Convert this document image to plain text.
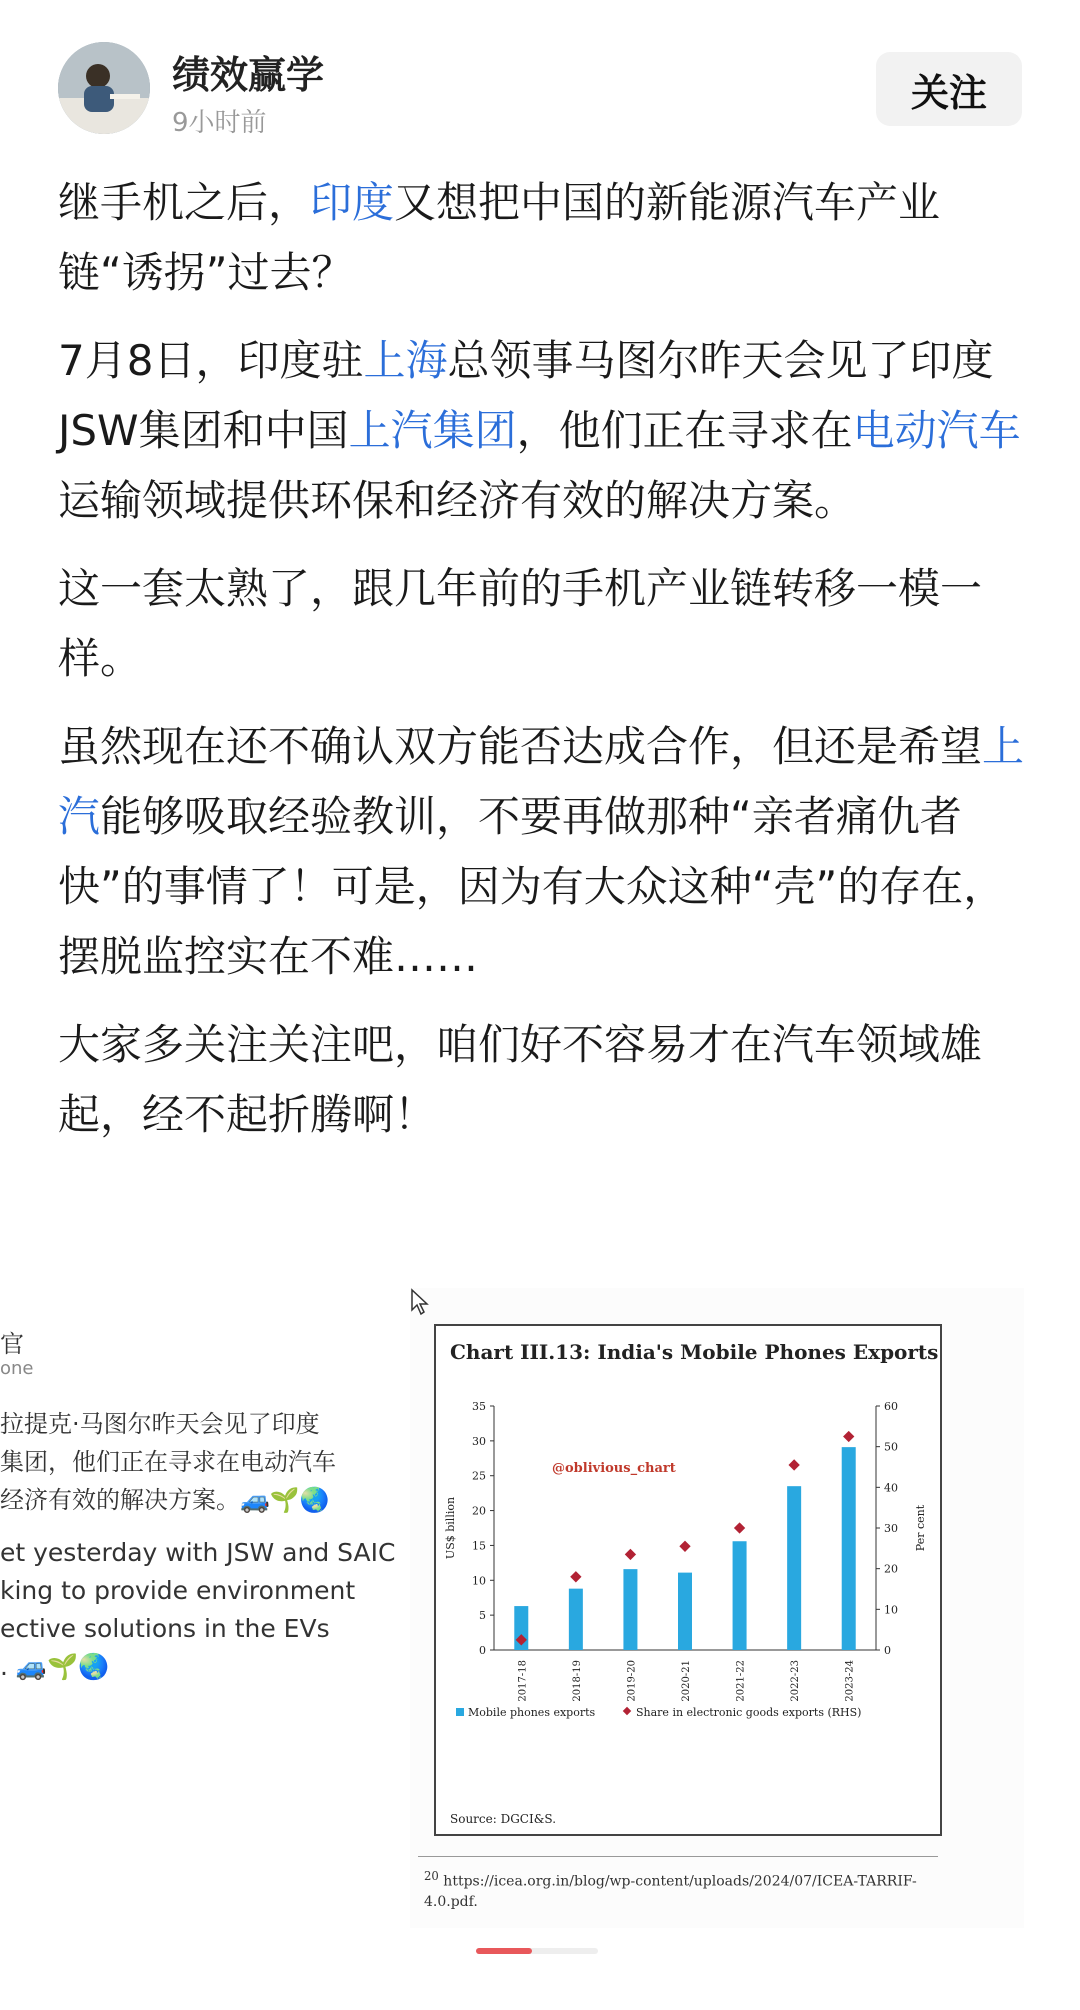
绩效赢学
9小时前
关注

继手机之后，印度又想把中国的新能源汽车产业链“诱拐”过去？

7月8日，印度驻上海总领事马图尔昨天会见了印度JSW集团和中国上汽集团，他们正在寻求在电动汽车运输领域提供环保和经济有效的解决方案。

这一套太熟了，跟几年前的手机产业链转移一模一样。

虽然现在还不确认双方能否达成合作，但还是希望上汽能够吸取经验教训，不要再做那种“亲者痛仇者快”的事情了！可是，因为有大众这种“壳”的存在，摆脱监控实在不难……

大家多关注关注吧，咱们好不容易才在汽车领域雄起，经不起折腾啊！

官
one
拉提克·马图尔昨天会见了印度
集团，他们正在寻求在电动汽车
经济有效的解决方案。🚙🌱🌏
et yesterday with JSW and SAIC
king to provide environment
ective solutions in the EVs
. 🚙🌱🌏
Chart III.13: India's Mobile Phones Exports
0
5
10
15
20
25
30
35
0
10
20
30
40
50
60
US$ billion	Per cent
@oblivious_chart
2017-18	2018-19	2019-20	2020-21	2021-22	2022-23	2023-24
Mobile phones exports	Share in electronic goods exports (RHS)
Source: DGCI&S.
$^{20}$ https://icea.org.in/blog/wp-content/uploads/2024/07/ICEA-TARRIF-4.0.pdf.
